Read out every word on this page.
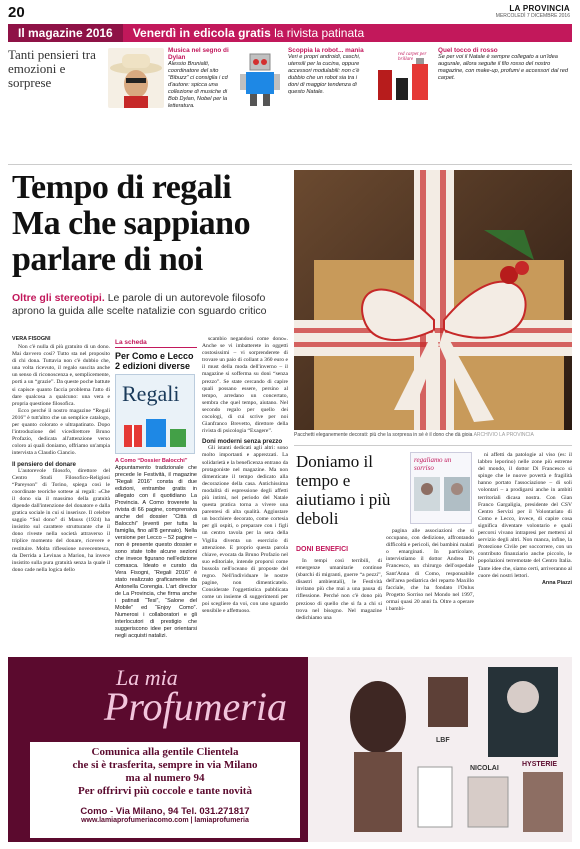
20	LA PROVINCIA
MERCOLEDÌ 7 DICEMBRE 2016
Il magazine 2016	Venerdì in edicola gratis la rivista patinata
Tanti pensieri tra emozioni e sorprese
Musica nel segno di Dylan
Alessio Brunialti, coordinatore del sito “Bibuzz” ci consiglia i cd d'autore: spicca una collezione di musiche di Bob Dylan, Nobel per la letteratura.
Scoppia la robot... mania
Veri e propri androidi, caschi, utensili per la cucina, oppure accessori modulabili: non c'è dubbio che un robot sia tra i doni di maggior tendenza di questo Natale.
red carpet per brillare
Quel tocco di rosso
Se per voi il Natale è sempre collegato a un'idea augurale, allora seguite il filo rosso del nostro magazine, con make-up, profumi e accessori dal red carpet.
Tempo di regali Ma che sappiano parlare di noi
Oltre gli stereotipi. Le parole di un autorevole filosofo aprono la guida alle scelte natalizie con sguardo critico
Pacchetti eleganemente decorati: più che la sorpresa in sé è il dono che dà gioia ARCHIVIO LA PROVINCIA

VERA FISOGNI

Non c'è nulla di più gratuito di un dono. Mai davvero così? Tutto sta nel proposito di chi dona. Tuttavia non c'è dubbio che, una volta ricevuto, il regalo suscita anche un senso di riconoscenza e, semplicemente, porti a un “grazie”. Da queste poche battute si capisce quanto faccia problema l'atto di dare qualcosa a qualcuno: una vera e propria questione filosofica.

Ecco perché il nostro magazine “Regali 2016” è tutt'altro che un semplice catalogo, per quanto colorato e ultrapatinato. Dopo l'introduzione del vicedirettore Bruno Profazio, dedicata all'attenzione verso coloro ai quali doniamo, offriamo un'ampia intervista a Claudio Ciancio.

Il pensiero del donare

L'autorevole filosofo, direttore del Centro Studi Filosofico-Religiosi “Pareyson” di Torino, spiega così le coordinate teoriche sottese ai regali: «Che il dono sia il massimo della gratuità dipende dall'intenzione del donatore e dalla gratica sociale in cui si inserisce. Il celebre saggio “Sul dono” di Mauss (1924) ha insistito sul carattere strutturante che il dono riveste nella società attraverso il triplice momento del donare, ricevere e restituire. Molta riflessione novecentesca, da Derrida a Levinas a Marion, ha invece insistito sulla pura gratuità senza la quale il dono cade nella logica dello

La scheda
Per Como e Lecco 2 edizioni diverse
Regali
A Como “Dossier Balocchi”
Appuntamento tradizionale che precede le Festività, il magazine “Regali 2016” consta di due edizioni, entrambe gratis in allegato con il quotidiano La Provincia. A Como troverete la rivista di 66 pagine, comprensiva anche del dossier “Città di Balocchi” (eventi per tutta la famiglia, fino all'8 gennaio). Nella versione per Lecco – 52 pagine – non è presente questo dossier e sono state tolte alcune sezioni che invece figurano nell'edizione comasca. Ideato e curato da Vera Fisogni, “Regali 2016” è stato realizzato graficamente da Antonella Corengia. L'art director de La Provincia, che firma anche i patinati “Tesi”, “Salone del Mobile” ed “Enjoy Como”. Numerosi i collaboratori e gli interlocutori di prestigio che suggeriscono idee per orientarsi negli acquisti natalizi.

scambio negandosi come dono». Anche se vi imbatterete in oggetti costosissimi – vi sorprenderete di trovare un paio di collant a 360 euro e il must della moda dell'inverno – il magazine si sofferma su doni “senza prezzo”. Se state cercando di capire quali possano essere, persino al tempo, arredano un concertato, sembra che quel tempo, aiutano. Nel secondo regalo per quello dei cocologi, di cui scrive per noi Gianfranco Brevetto, direttore della rivista di psicologia “Exagere”.

Doni moderni senza prezzo

Gli istanti dedicati agli altri: sono molto importanti e apprezzati. La solidarietà e la beneficenza entrano da protagoniste nel magazine. Ma non dimenticate il tempo dedicato alla decorazione della casa. Antichissima modalità di espressione degli affetti più intimi, nel periodo del Natale questa pratica torna a vivere una parentesi di alta qualità. Aggiustare un bocchiere decorato, come cortesia per gli ospiti, o preparare con i figli un centro tavola per la sera della Vigilia diventa un esercizio di attenzione. E proprio questa parola chiave, evocata da Bruno Profazio nel suo editoriale, intende proporsi come bussola nell'oceano di proposte del regno. Nell'individuare le nostre pagine, non dimenticatelo. Considerate l'oggettistica pubblicata come un insieme di suggerimenti per poi scegliere da voi, con uno sguardo sensibile e affettuoso.

Doniamo il tempo e aiutiamo i più deboli
regaliamo un sorriso
DONI BENEFICI

In tempi così terribili, di emergenze umanitarie continue (sbarchi di migranti, guerre “a pezzi”, disastri ambientali), le Festività invitano più che mai a una pausa di riflessione. Perché non c'è dono più prezioso di quello che si fa a chi si trova nel bisogno. Nel magazine dedichiamo una

pagina alle associazioni che si occupano, con dedizione, affrontando difficoltà e pericoli, dei bambini malati o emarginati. In particolare, intervistiamo il dottor Andrea Di Francesco, un chirurgo dell'ospedale Sant'Anna di Como, responsabile dell'area pediatrica del reparto Maxillo facciale, che ha fondato l'Onlus Progetto Sorriso nel Mondo nel 1997, ormai quasi 20 anni fa. Oltre a operare i bambi-

ni affetti da patologie al viso (es: il labbro leporino) nelle zone più estreme del mondo, il dottor Di Francesco si spinge che le nuove povertà e fragilità hanno portato l'associazione – di soli volontari – a prodigarsi anche in ambiti territoriali dicasa nostra. Con Gian Franco Gargaligia, presidente del CSV Centro Servizi per il Volontariato di Como e Lecco, invece, di capire cosa significa diventare volontario e quali percorsi vivano intrapresi per mettersi al servizio degli altri. Non manca, infine, la Protezione Civile per soccorrere, con un contributo finanziario anche piccolo, le popolazioni terremotate del Centro Italia. Tante idee che, siamo certi, arriveranno al cuore dei nostri lettori.

Anna Piazzi

La mia
Profumeria
Comunica alla gentile Clientela
che si è trasferita, sempre in via Milano
ma al numero 94
Per offrirvi più coccole e tante novità
Como - Via Milano, 94 Tel. 031.271817
www.lamiaprofumeriacomo.com | lamiaprofumeria
LBF
NICOLAI
HYSTERIE
